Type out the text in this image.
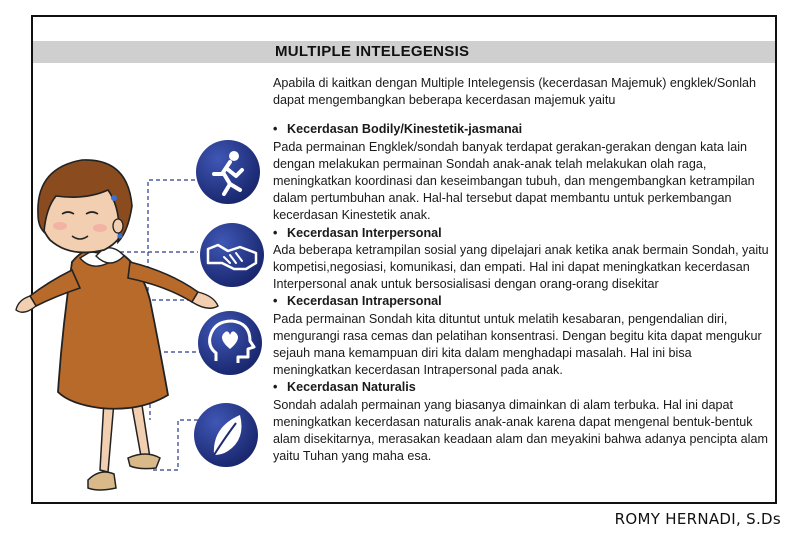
MULTIPLE INTELEGENSIS

Apabila di kaitkan dengan Multiple Intelegensis (kecerdasan Majemuk) engklek/Sonlah dapat mengembangkan beberapa kecerdasan majemuk yaitu

• Kecerdasan Bodily/Kinestetik-jasmanai

Pada permainan Engklek/sondah banyak terdapat gerakan-gerakan dengan kata lain dengan melakukan permainan Sondah anak-anak telah melakukan olah raga, meningkatkan koordinasi dan keseimbangan tubuh, dan mengembangkan ketrampilan dalam pertumbuhan anak. Hal-hal tersebut dapat membantu untuk perkembangan kecerdasan Kinestetik anak.

• Kecerdasan Interpersonal

Ada beberapa ketrampilan sosial yang dipelajari anak ketika anak bermain Sondah, yaitu kompetisi,negosiasi, komunikasi, dan empati. Hal ini dapat meningkatkan kecerdasan Interpersonal anak untuk bersosialisasi dengan orang-orang disekitar

• Kecerdasan Intrapersonal

Pada permainan Sondah kita dituntut untuk melatih kesabaran, pengendalian diri, mengurangi rasa cemas dan pelatihan konsentrasi. Dengan begitu kita dapat mengukur sejauh mana kemampuan diri kita dalam menghadapi masalah. Hal ini bisa meningkatkan kecerdasan Intrapersonal pada anak.

• Kecerdasan Naturalis

Sondah adalah permainan yang biasanya dimainkan di alam terbuka. Hal ini dapat meningkatkan kecerdasan naturalis anak-anak karena dapat mengenal bentuk-bentuk alam disekitarnya, merasakan keadaan alam dan meyakini bahwa adanya pencipta alam yaitu Tuhan yang maha esa.

ROMY HERNADI, S.Ds
